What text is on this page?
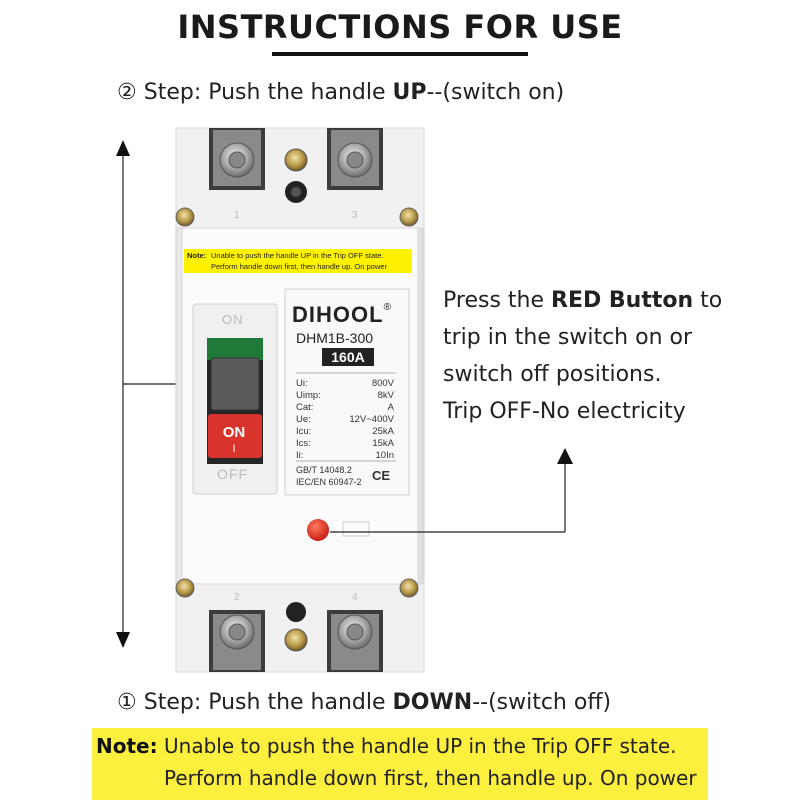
INSTRUCTIONS FOR USE
② Step: Push the handle UP--(switch on)
1	3
2	4
Note: Unable to push the handle UP in the Trip OFF state.
Perform handle down first, then handle up. On power
ON
ON
I
OFF
DIHOOL®
DHM1B-300
160A
Ui:	800V
Uimp:	8kV
Cat:	A
Ue:	12V~400V
Icu:	25kA
Ics:	15kA
Ii:	10In
GB/T 14048.2
IEC/EN 60947-2 CE
Press the RED Button to
trip in the switch on or
switch off positions.
Trip OFF-No electricity
① Step: Push the handle DOWN--(switch off)
Note: Unable to push the handle UP in the Trip OFF state.
Perform handle down first, then handle up. On power
